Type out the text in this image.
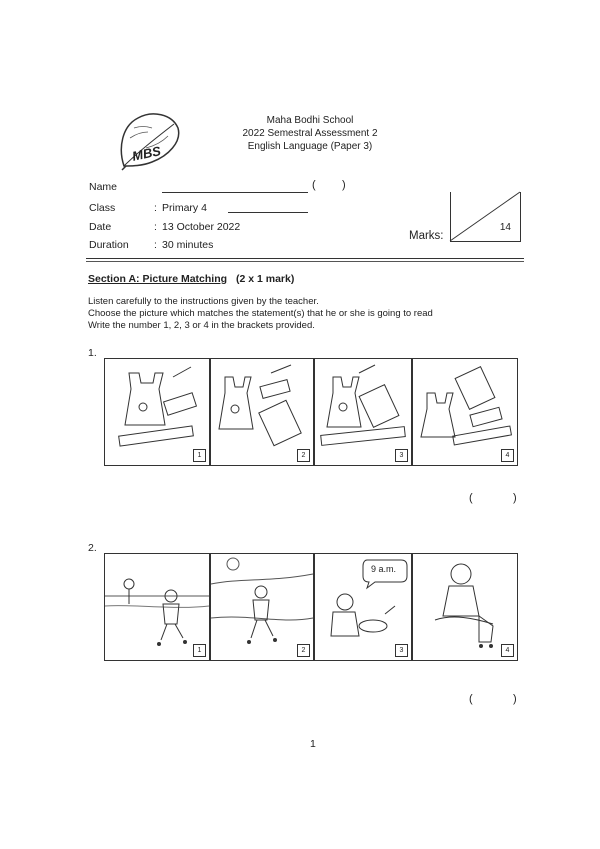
MBS
Maha Bodhi School
2022 Semestral Assessment 2
English Language (Paper 3)
Name	( )
Class	: Primary 4
Date	: 13 October 2022
Duration : 30 minutes
Marks:
14
Section A: Picture Matching (2 x 1 mark)
Listen carefully to the instructions given by the teacher.
Choose the picture which matches the statement(s) that he or she is going to read
Write the number 1, 2, 3 or 4 in the brackets provided.
1.
1	2	3	4
(	)
2.
1	2
9 a.m.
3	4
(	)
1
